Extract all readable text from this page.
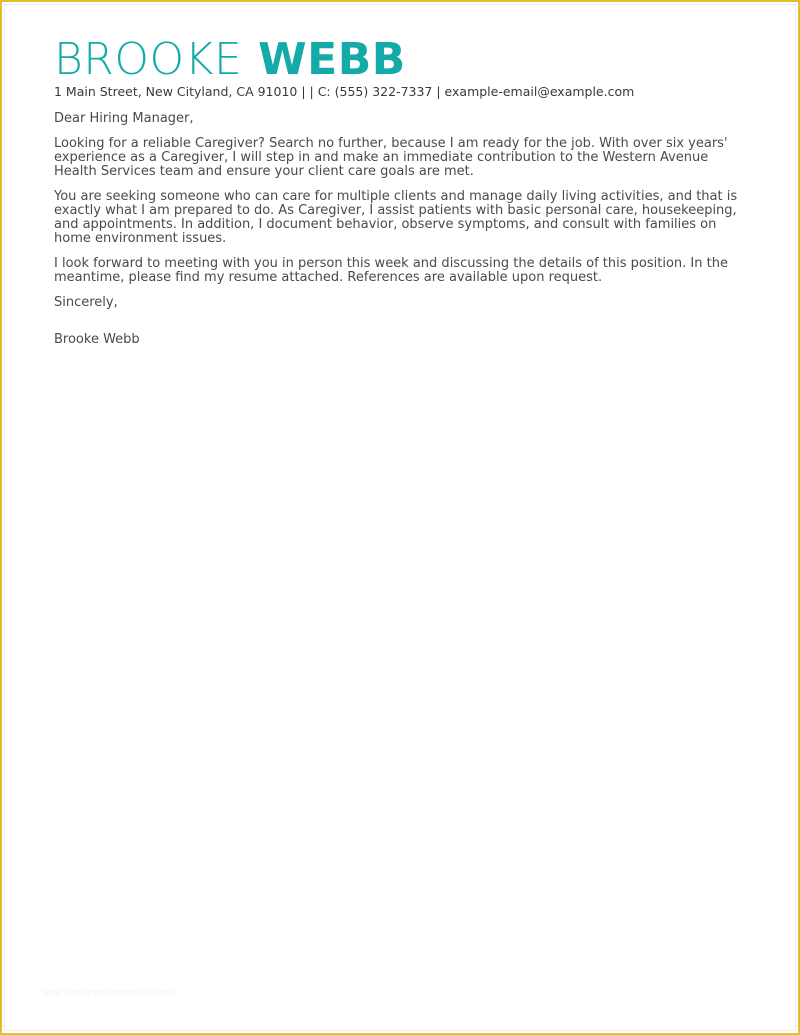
BROOKE WEBB
1 Main Street, New Cityland, CA 91010 | | C: (555) 322-7337 | example-email@example.com

Dear Hiring Manager,

Looking for a reliable Caregiver? Search no further, because I am ready for the job. With over six years' experience as a Caregiver, I will step in and make an immediate contribution to the Western Avenue Health Services team and ensure your client care goals are met.

You are seeking someone who can care for multiple clients and manage daily living activities, and that is exactly what I am prepared to do. As Caregiver, I assist patients with basic personal care, housekeeping, and appointments. In addition, I document behavior, observe symptoms, and consult with families on home environment issues.

I look forward to meeting with you in person this week and discussing the details of this position. In the meantime, please find my resume attached. References are available upon request.

Sincerely,

Brooke Webb

www.theinspiredhomestudio.com
